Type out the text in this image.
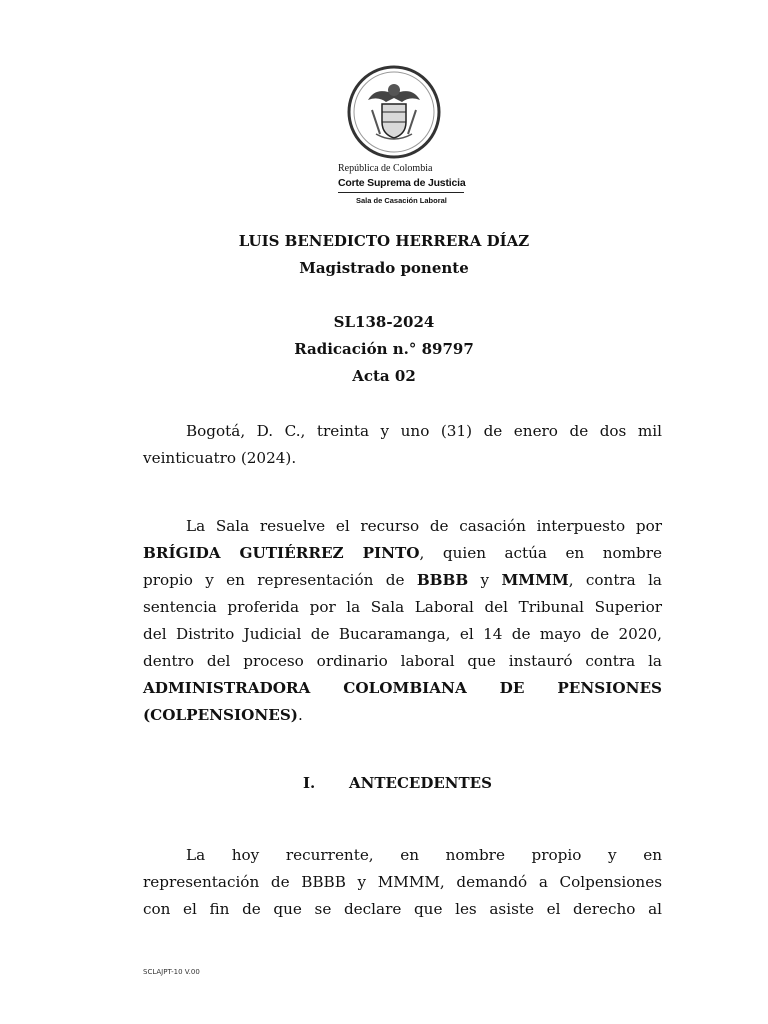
República de Colombia
Corte Suprema de Justicia
Sala de Casación Laboral
LUIS BENEDICTO HERRERA DÍAZ
Magistrado ponente
SL138-2024
Radicación n.° 89797
Acta 02
Bogotá, D. C., treinta y uno (31) de enero de dos mil
veinticuatro (2024).
La Sala resuelve el recurso de casación interpuesto por
BRÍGIDA GUTIÉRREZ PINTO, quien actúa en nombre
propio y en representación de BBBB y MMMM, contra la
sentencia proferida por la Sala Laboral del Tribunal Superior
del Distrito Judicial de Bucaramanga, el 14 de mayo de 2020,
dentro del proceso ordinario laboral que instauró contra la
ADMINISTRADORA COLOMBIANA DE PENSIONES
(COLPENSIONES).
I. ANTECEDENTES
La hoy recurrente, en nombre propio y en
representación de BBBB y MMMM, demandó a Colpensiones
con el fin de que se declare que les asiste el derecho al
SCLAJPT-10 V.00
